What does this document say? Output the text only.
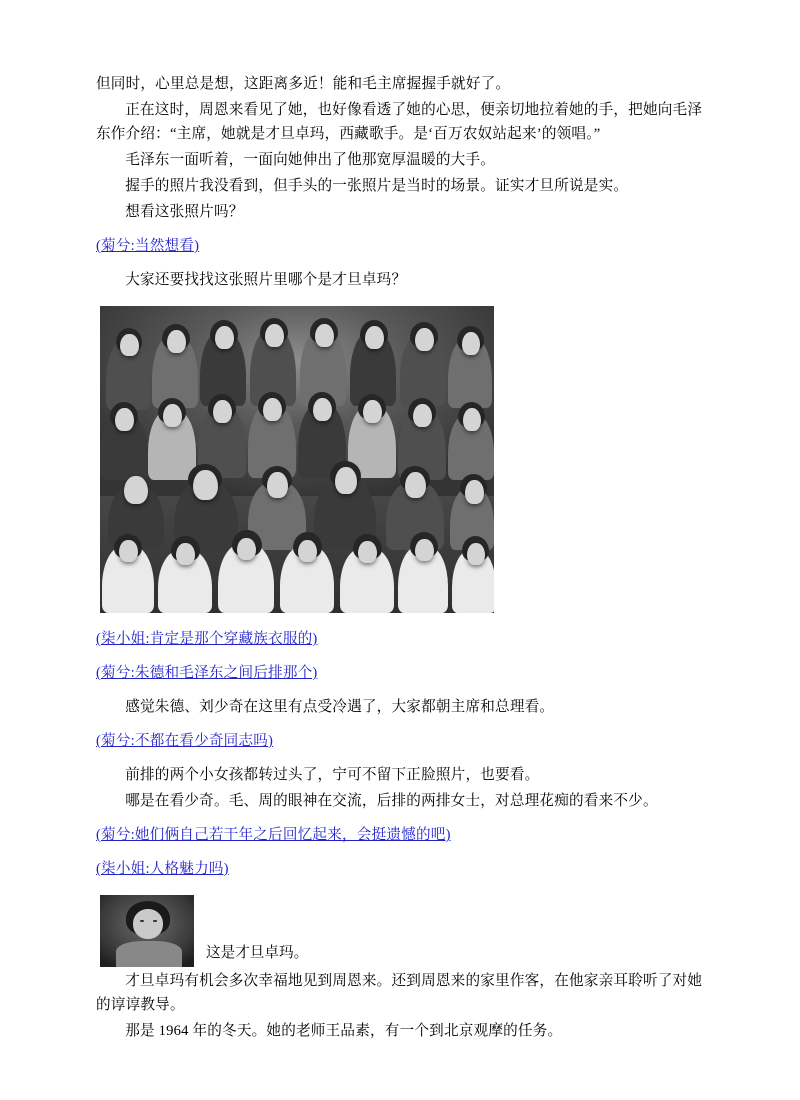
但同时，心里总是想，这距离多近！能和毛主席握握手就好了。

正在这时，周恩来看见了她，也好像看透了她的心思，便亲切地拉着她的手，把她向毛泽东作介绍：“主席，她就是才旦卓玛，西藏歌手。是‘百万农奴站起来’的领唱。”

毛泽东一面听着，一面向她伸出了他那宽厚温暖的大手。

握手的照片我没看到，但手头的一张照片是当时的场景。证实才旦所说是实。

想看这张照片吗？

(菊兮:当然想看)

大家还要找找这张照片里哪个是才旦卓玛？

(柒小姐:肯定是那个穿藏族衣服的)

(菊兮:朱德和毛泽东之间后排那个)

感觉朱德、刘少奇在这里有点受冷遇了，大家都朝主席和总理看。

(菊兮:不都在看少奇同志吗)

前排的两个小女孩都转过头了，宁可不留下正脸照片，也要看。

哪是在看少奇。毛、周的眼神在交流，后排的两排女士，对总理花痴的看来不少。

(菊兮:她们俩自己若干年之后回忆起来，会挺遗憾的吧)

(柒小姐:人格魅力吗)

这是才旦卓玛。

才旦卓玛有机会多次幸福地见到周恩来。还到周恩来的家里作客，在他家亲耳聆听了对她的谆谆教导。

那是 1964 年的冬天。她的老师王品素，有一个到北京观摩的任务。
